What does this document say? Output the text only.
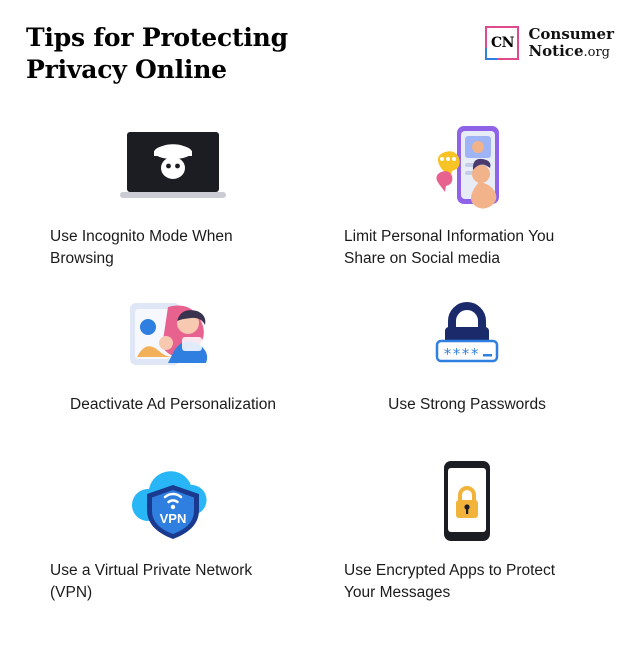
Tips for Protecting Privacy Online
CN
Consumer
Notice.org
Use Incognito Mode When Browsing
Limit Personal Information You Share on Social media
Deactivate Ad Personalization
∗∗∗∗
Use Strong Passwords
VPN
Use a Virtual Private Network (VPN)
Use Encrypted Apps to Protect Your Messages
